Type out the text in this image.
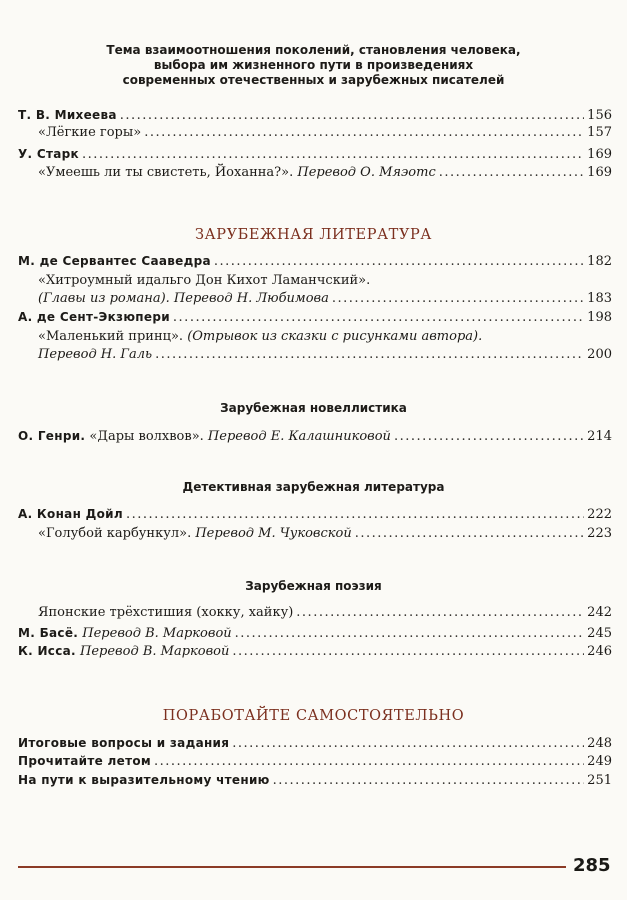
Тема взаимоотношения поколений, становления человека,
выбора им жизненного пути в произведениях
современных отечественных и зарубежных писателей
Т. В. Михеева .....	156
«Лёгкие горы» .....	157
У. Старк .....	169
«Умеешь ли ты свистеть, Йоханна?». Перевод О. Мяэотс .....	169
ЗАРУБЕЖНАЯ ЛИТЕРАТУРА
М. де Сервантес Сааведра .....	182
«Хитроумный идальго Дон Кихот Ламанчский».
(Главы из романа). Перевод Н. Любимова .....	183
А. де Сент-Экзюпери .....	198
«Маленький принц». (Отрывок из сказки с рисунками автора).
Перевод Н. Галь .....	200
Зарубежная новеллистика
О. Генри. «Дары волхвов». Перевод Е. Калашниковой .....	214
Детективная зарубежная литература
А. Конан Дойл .....	222
«Голубой карбункул». Перевод М. Чуковской .....	223
Зарубежная поэзия
Японские трёхстишия (хокку, хайку) .....	242
М. Басё. Перевод В. Марковой .....	245
К. Исса. Перевод В. Марковой .....	246
ПОРАБОТАЙТЕ САМОСТОЯТЕЛЬНО
Итоговые вопросы и задания .....	248
Прочитайте летом .....	249
На пути к выразительному чтению .....	251
285
